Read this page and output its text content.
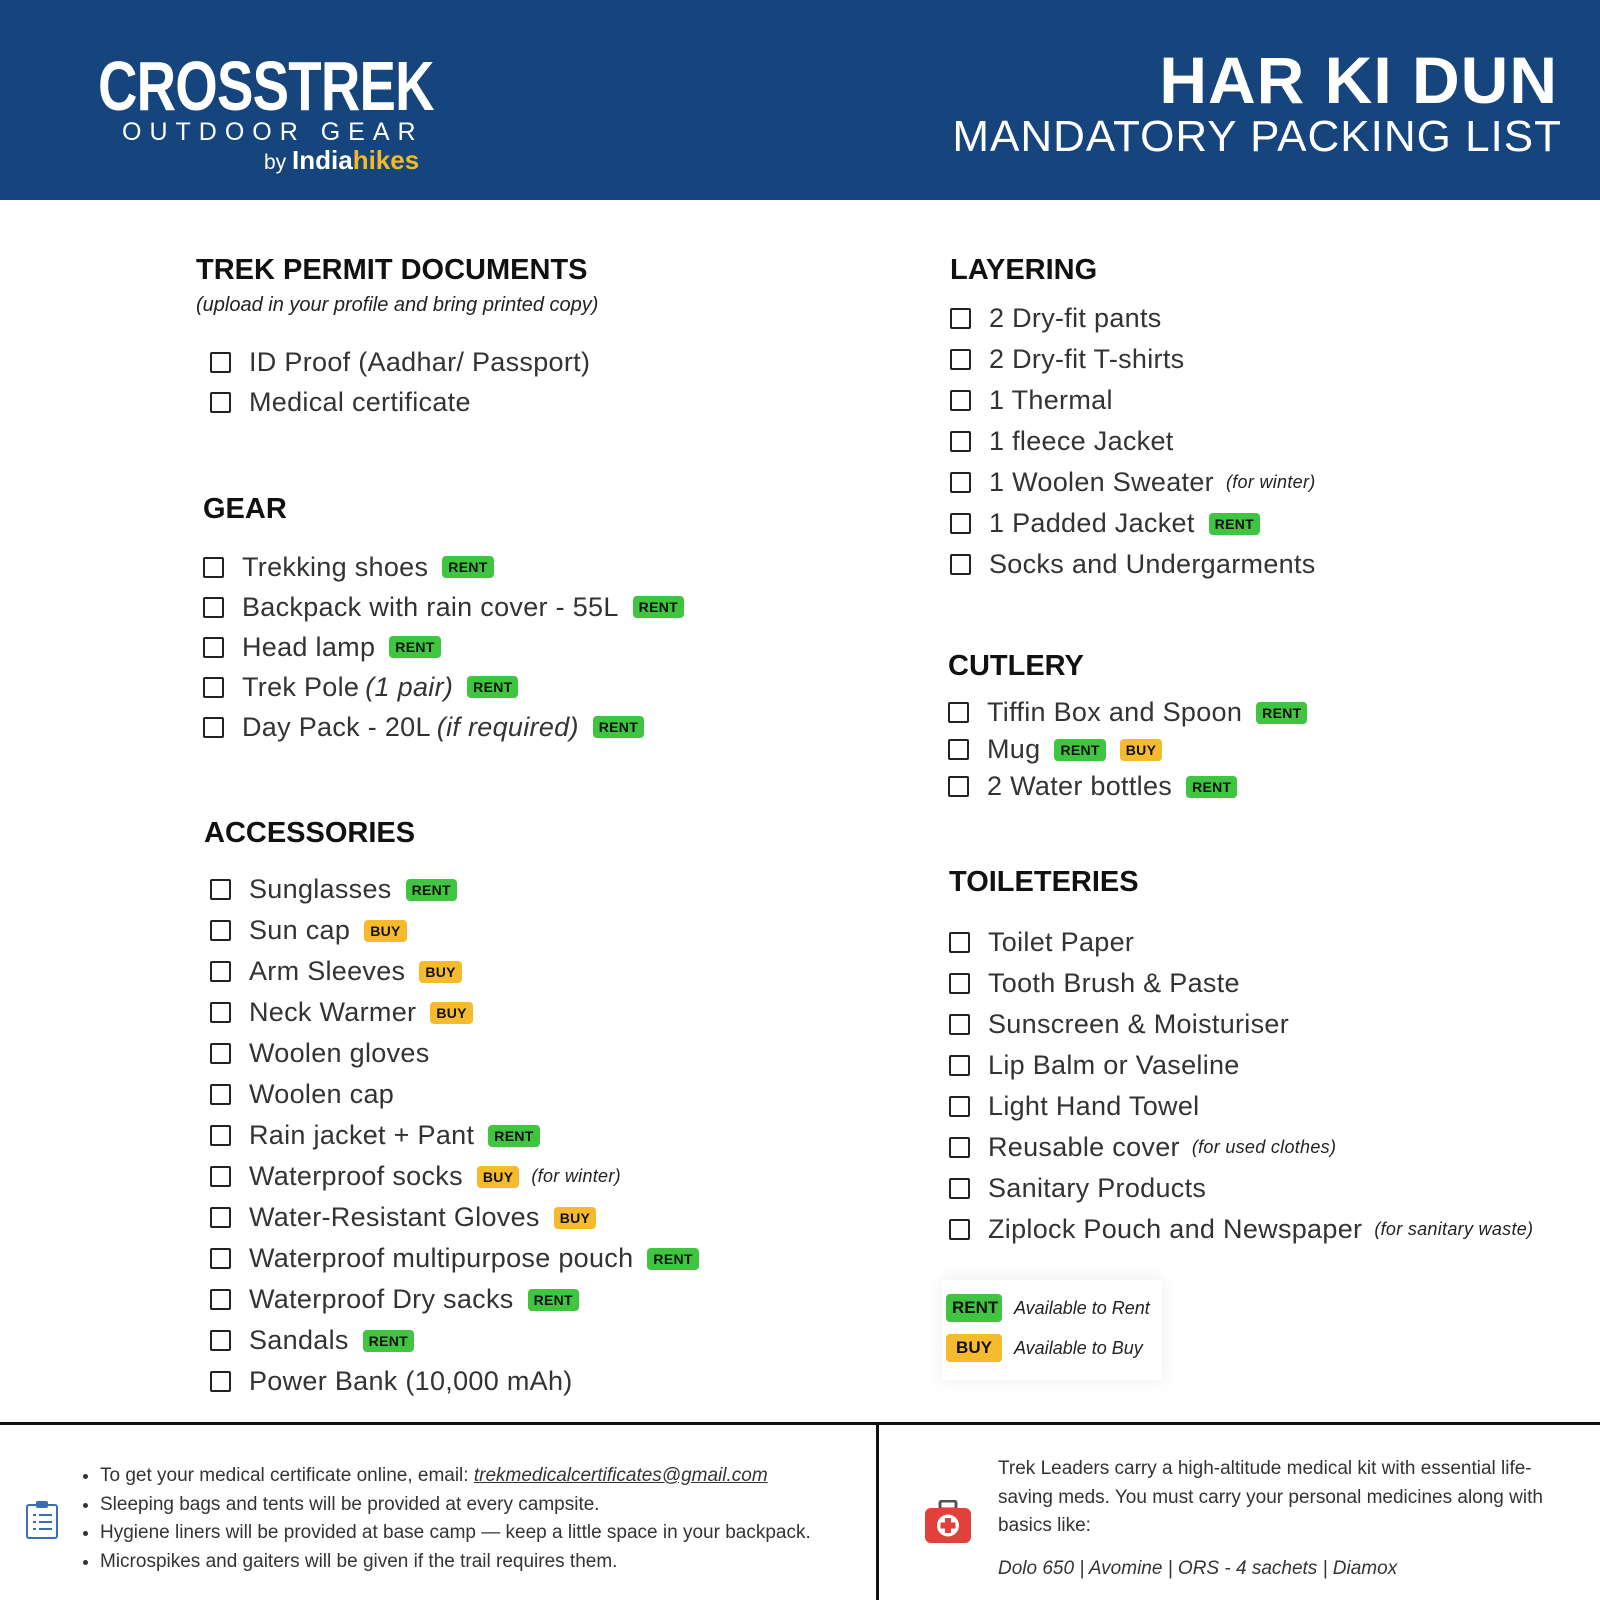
CROSSTREK
OUTDOOR GEAR
by Indiahikes
HAR KI DUN
MANDATORY PACKING LIST
TREK PERMIT DOCUMENTS
(upload in your profile and bring printed copy)
ID Proof (Aadhar/ Passport)
Medical certificate
GEAR
Trekking shoes	RENT
Backpack with rain cover - 55L	RENT
Head lamp	RENT
Trek Pole (1 pair)	RENT
Day Pack - 20L (if required)	RENT
ACCESSORIES
Sunglasses	RENT
Sun cap	BUY
Arm Sleeves	BUY
Neck Warmer	BUY
Woolen gloves
Woolen cap
Rain jacket + Pant	RENT
Waterproof socks	BUY	(for winter)
Water-Resistant Gloves	BUY
Waterproof multipurpose pouch	RENT
Waterproof Dry sacks	RENT
Sandals	RENT
Power Bank (10,000 mAh)
LAYERING
2 Dry-fit pants
2 Dry-fit T-shirts
1 Thermal
1 fleece Jacket
1 Woolen Sweater (for winter)
1 Padded Jacket	RENT
Socks and Undergarments
CUTLERY
Tiffin Box and Spoon	RENT
Mug	RENT	BUY
2 Water bottles	RENT
TOILETERIES
Toilet Paper
Tooth Brush & Paste
Sunscreen & Moisturiser
Lip Balm or Vaseline
Light Hand Towel
Reusable cover (for used clothes)
Sanitary Products
Ziplock Pouch and Newspaper (for sanitary waste)
RENT Available to Rent
BUY	Available to Buy
• To get your medical certificate online, email: trekmedicalcertificates@gmail.com
• Sleeping bags and tents will be provided at every campsite.
• Hygiene liners will be provided at base camp — keep a little space in your backpack.
• Microspikes and gaiters will be given if the trail requires them.
Trek Leaders carry a high-altitude medical kit with essential life-saving meds. You must carry your personal medicines along with basics like:
Dolo 650 | Avomine | ORS - 4 sachets | Diamox
